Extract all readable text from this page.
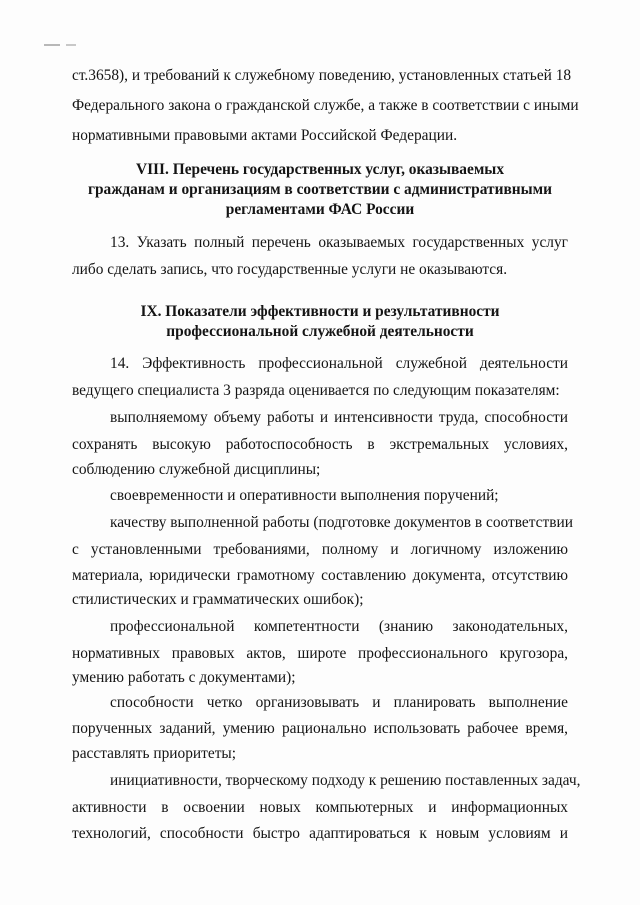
ст.3658), и требований к служебному поведению, установленных статьей 18
Федерального закона о гражданской службе, а также в соответствии с иными
нормативными правовыми актами Российской Федерации.
VIII. Перечень государственных услуг, оказываемых
гражданам и организациям в соответствии с административными
регламентами ФАС России
13. Указать полный перечень оказываемых государственных услуг
либо сделать запись, что государственные услуги не оказываются.
IX. Показатели эффективности и результативности
профессиональной служебной деятельности
14. Эффективность профессиональной служебной деятельности
ведущего специалиста 3 разряда оценивается по следующим показателям:
выполняемому объему работы и интенсивности труда, способности
сохранять высокую работоспособность в экстремальных условиях,
соблюдению служебной дисциплины;
своевременности и оперативности выполнения поручений;
качеству выполненной работы (подготовке документов в соответствии
с установленными требованиями, полному и логичному изложению
материала, юридически грамотному составлению документа, отсутствию
стилистических и грамматических ошибок);
профессиональной компетентности (знанию законодательных,
нормативных правовых актов, широте профессионального кругозора,
умению работать с документами);
способности четко организовывать и планировать выполнение
порученных заданий, умению рационально использовать рабочее время,
расставлять приоритеты;
инициативности, творческому подходу к решению поставленных задач,
активности в освоении новых компьютерных и информационных
технологий, способности быстро адаптироваться к новым условиям и
